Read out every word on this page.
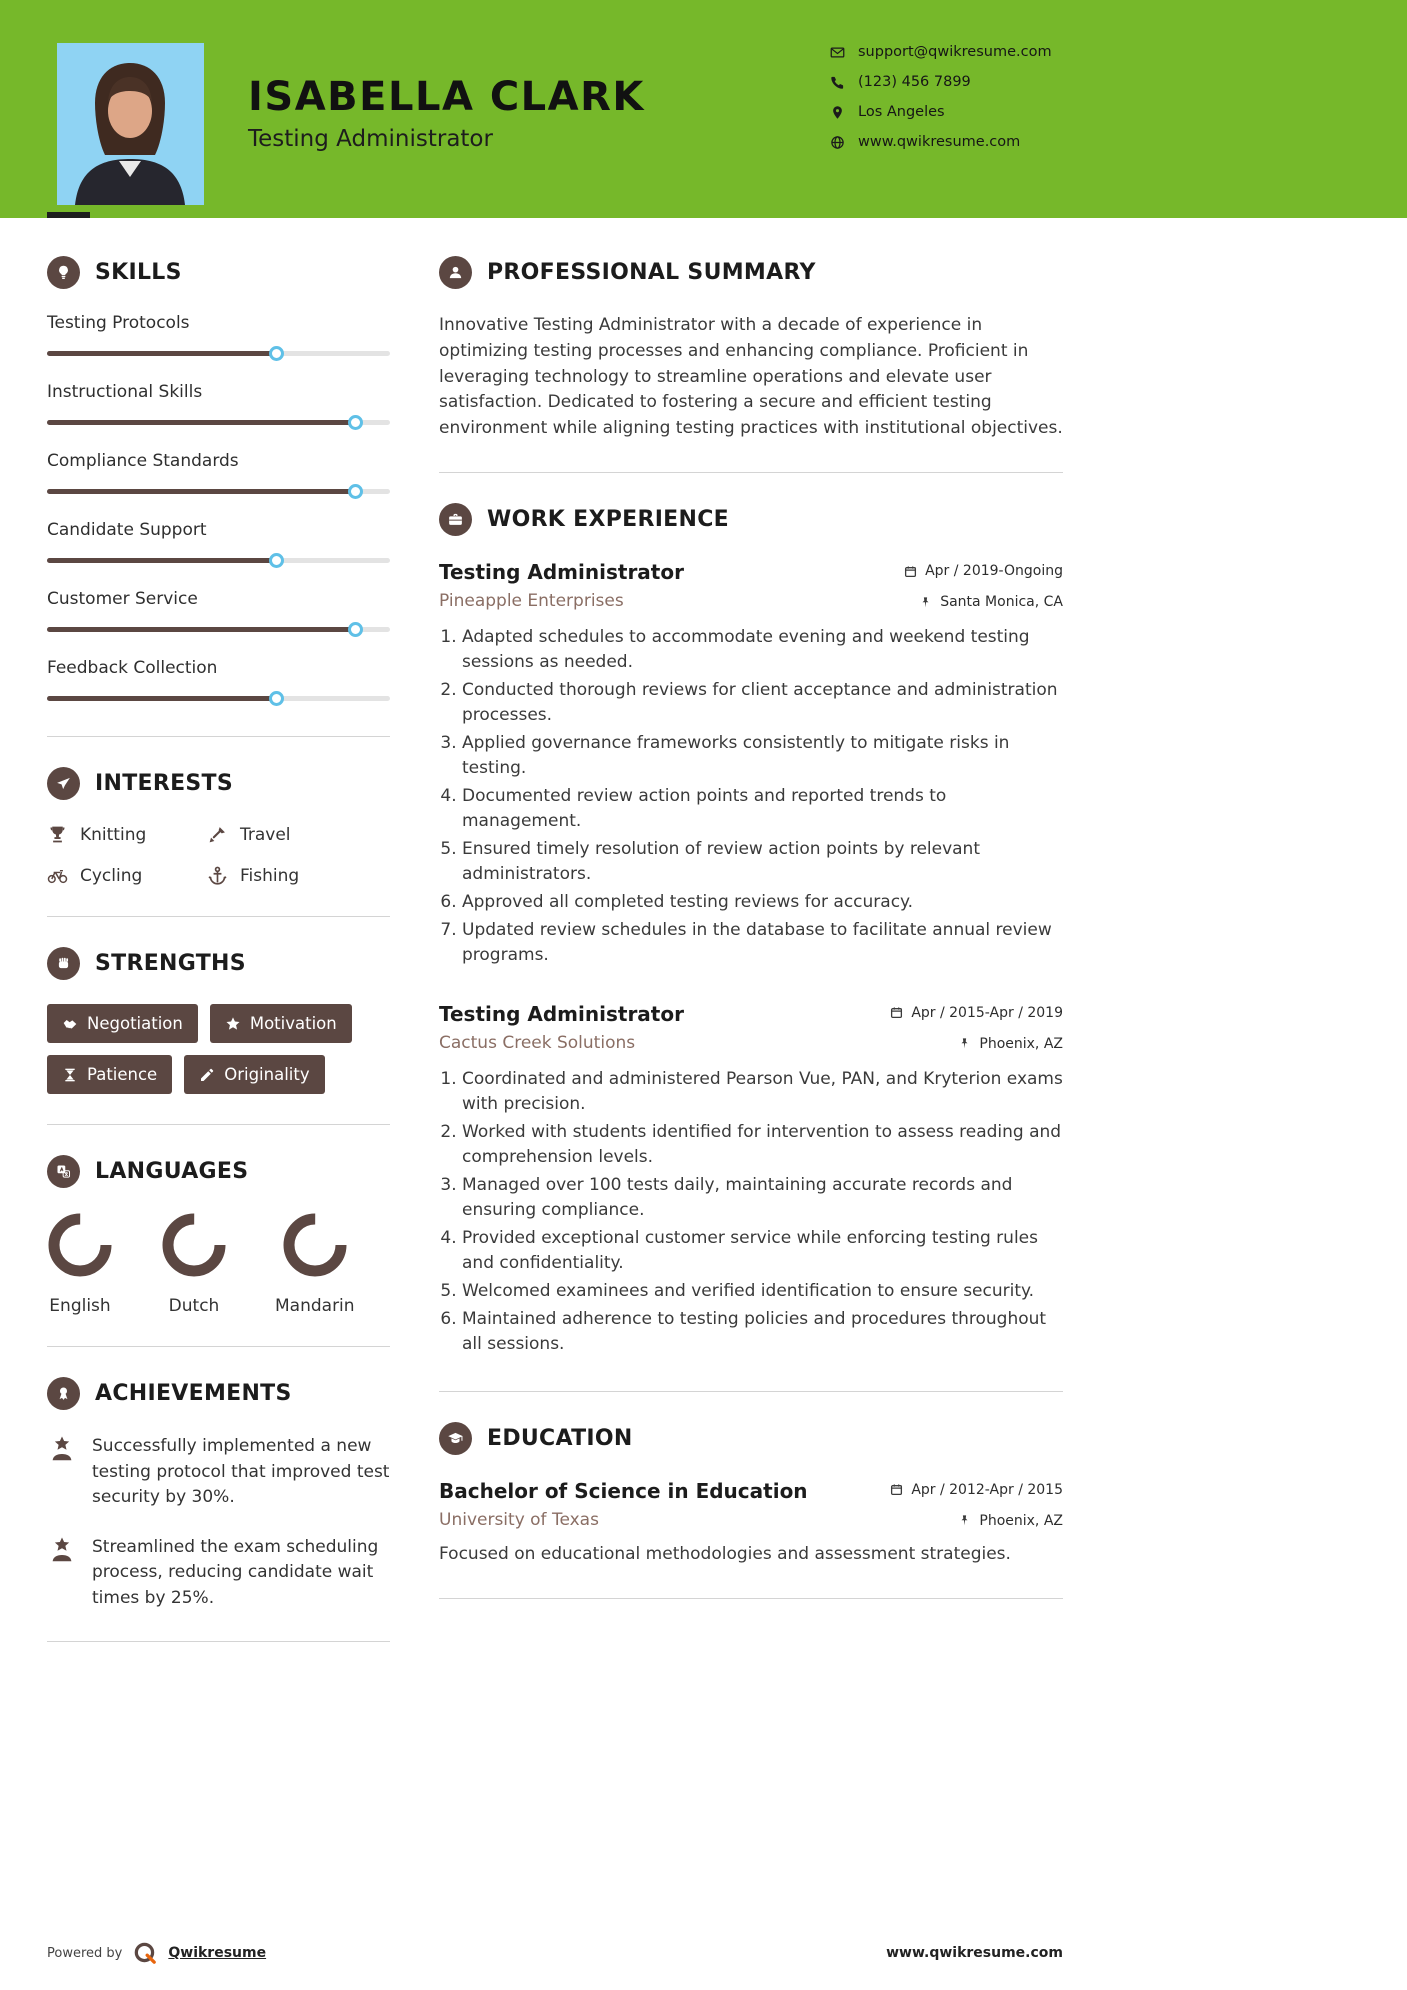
ISABELLA CLARK
Testing Administrator
support@qwikresume.com
(123) 456 7899
Los Angeles
www.qwikresume.com
SKILLS
Testing Protocols
Instructional Skills
Compliance Standards
Candidate Support
Customer Service
Feedback Collection
INTERESTS
Knitting	Travel
Cycling	Fishing
STRENGTHS
Negotiation	Motivation
Patience	Originality
LANGUAGES
English	Dutch	Mandarin
ACHIEVEMENTS
Successfully implemented a new testing protocol that improved test security by 30%.
Streamlined the exam scheduling process, reducing candidate wait times by 25%.
PROFESSIONAL SUMMARY

Innovative Testing Administrator with a decade of experience in optimizing testing processes and enhancing compliance. Proficient in leveraging technology to streamline operations and elevate user satisfaction. Dedicated to fostering a secure and efficient testing environment while aligning testing practices with institutional objectives.

WORK EXPERIENCE
Testing Administrator	Apr / 2019-Ongoing
Pineapple Enterprises	Santa Monica, CA
1. Adapted schedules to accommodate evening and weekend testing sessions as needed.
2. Conducted thorough reviews for client acceptance and administration processes.
3. Applied governance frameworks consistently to mitigate risks in testing.
4. Documented review action points and reported trends to management.
5. Ensured timely resolution of review action points by relevant administrators.
6. Approved all completed testing reviews for accuracy.
7. Updated review schedules in the database to facilitate annual review programs.
Testing Administrator	Apr / 2015-Apr / 2019
Cactus Creek Solutions	Phoenix, AZ
1. Coordinated and administered Pearson Vue, PAN, and Kryterion exams with precision.
2. Worked with students identified for intervention to assess reading and comprehension levels.
3. Managed over 100 tests daily, maintaining accurate records and ensuring compliance.
4. Provided exceptional customer service while enforcing testing rules and confidentiality.
5. Welcomed examinees and verified identification to ensure security.
6. Maintained adherence to testing policies and procedures throughout all sessions.
EDUCATION
Bachelor of Science in Education	Apr / 2012-Apr / 2015
University of Texas	Phoenix, AZ
Focused on educational methodologies and assessment strategies.
Powered by	Qwikresume	www.qwikresume.com
